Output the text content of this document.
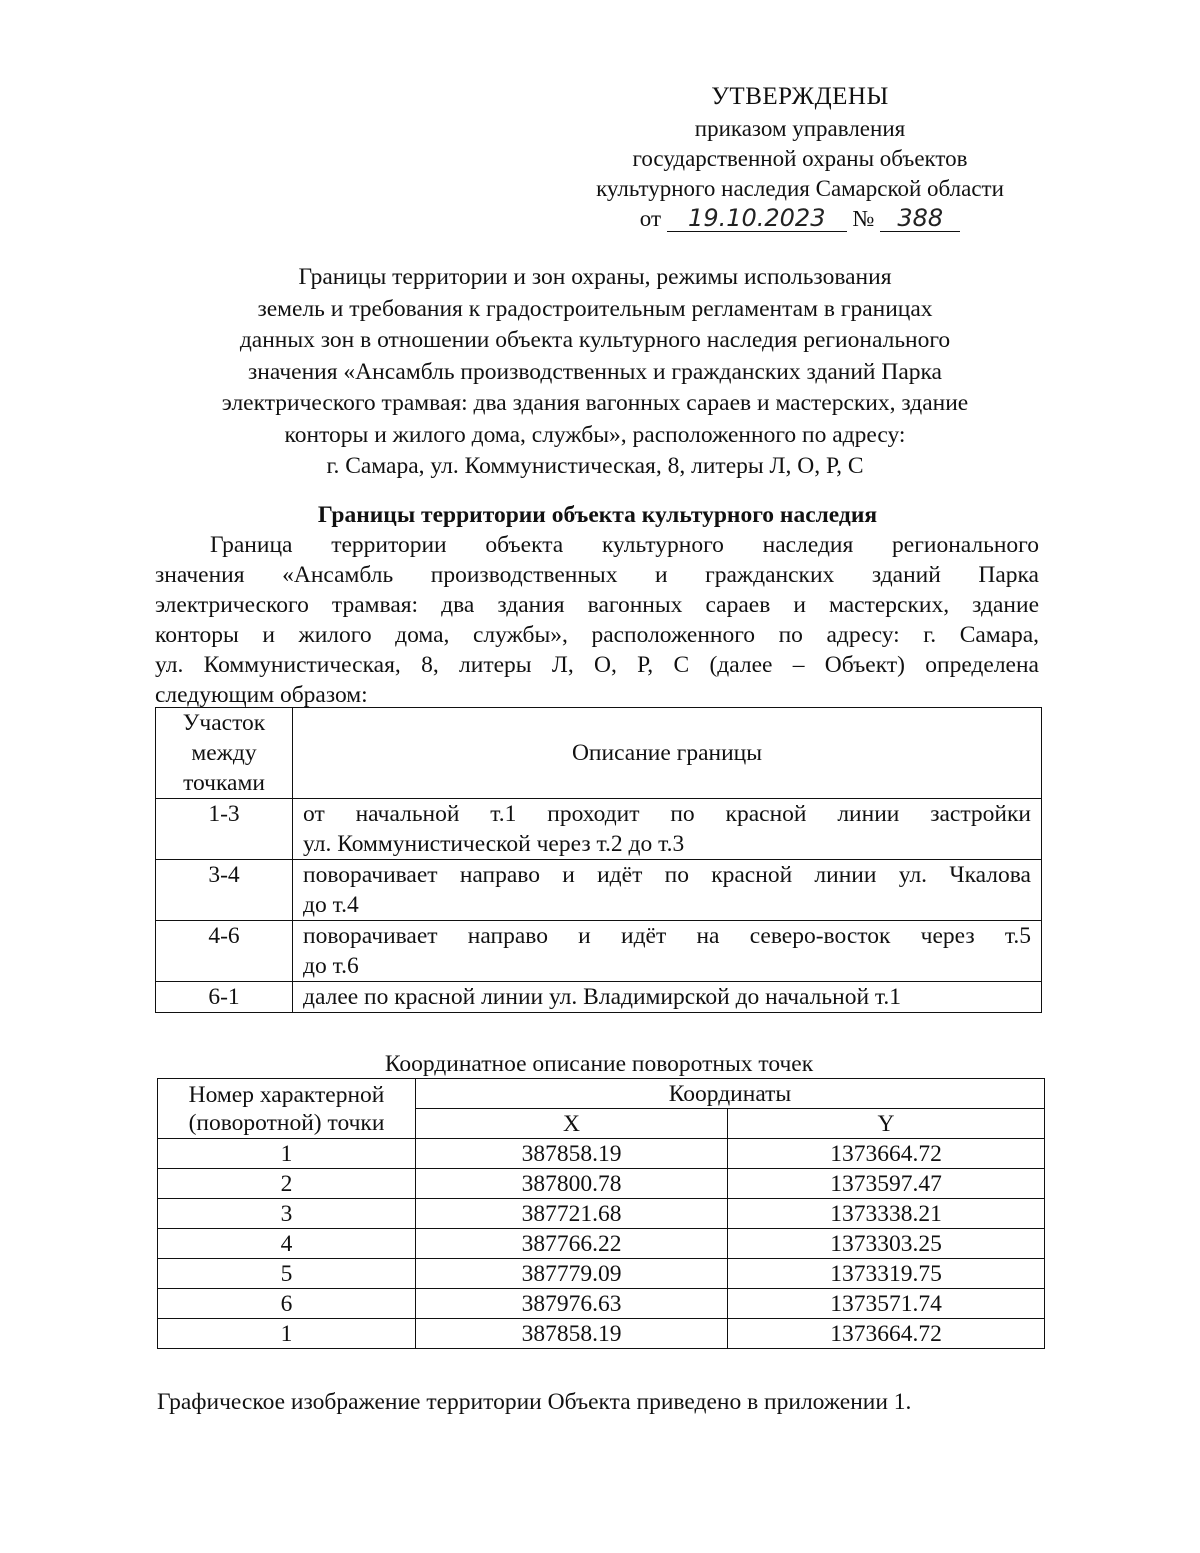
УТВЕРЖДЕНЫ
приказом управления
государственной охраны объектов
культурного наследия Самарской области
от 19.10.2023 № 388
Границы территории и зон охраны, режимы использования
земель и требования к градостроительным регламентам в границах
данных зон в отношении объекта культурного наследия регионального
значения «Ансамбль производственных и гражданских зданий Парка
электрического трамвая: два здания вагонных сараев и мастерских, здание
конторы и жилого дома, службы», расположенного по адресу:
г. Самара, ул. Коммунистическая, 8, литеры Л, О, Р, С
Границы территории объекта культурного наследия
Граница территории объекта культурного наследия регионального
значения «Ансамбль производственных и гражданских зданий Парка
электрического трамвая: два здания вагонных сараев и мастерских, здание
конторы и жилого дома, службы», расположенного по адресу: г. Самара,
ул. Коммунистическая, 8, литеры Л, О, Р, С (далее – Объект) определена
следующим образом:
Участок
между
точками	Описание границы
1-3	от начальной т.1 проходит по красной линии застройки
ул. Коммунистической через т.2 до т.3

3-4	поворачивает направо и идёт по красной линии ул. Чкалова
до т.4

4-6	поворачивает направо и идёт на северо-восток через т.5
до т.6

6-1	далее по красной линии ул. Владимирской до начальной т.1
Координатное описание поворотных точек
Номер характерной
(поворотной) точки	Координаты	
	X	Y
1	387858.19	1373664.72
2	387800.78	1373597.47
3	387721.68	1373338.21
4	387766.22	1373303.25
5	387779.09	1373319.75
6	387976.63	1373571.74
1	387858.19	1373664.72
Графическое изображение территории Объекта приведено в приложении 1.
